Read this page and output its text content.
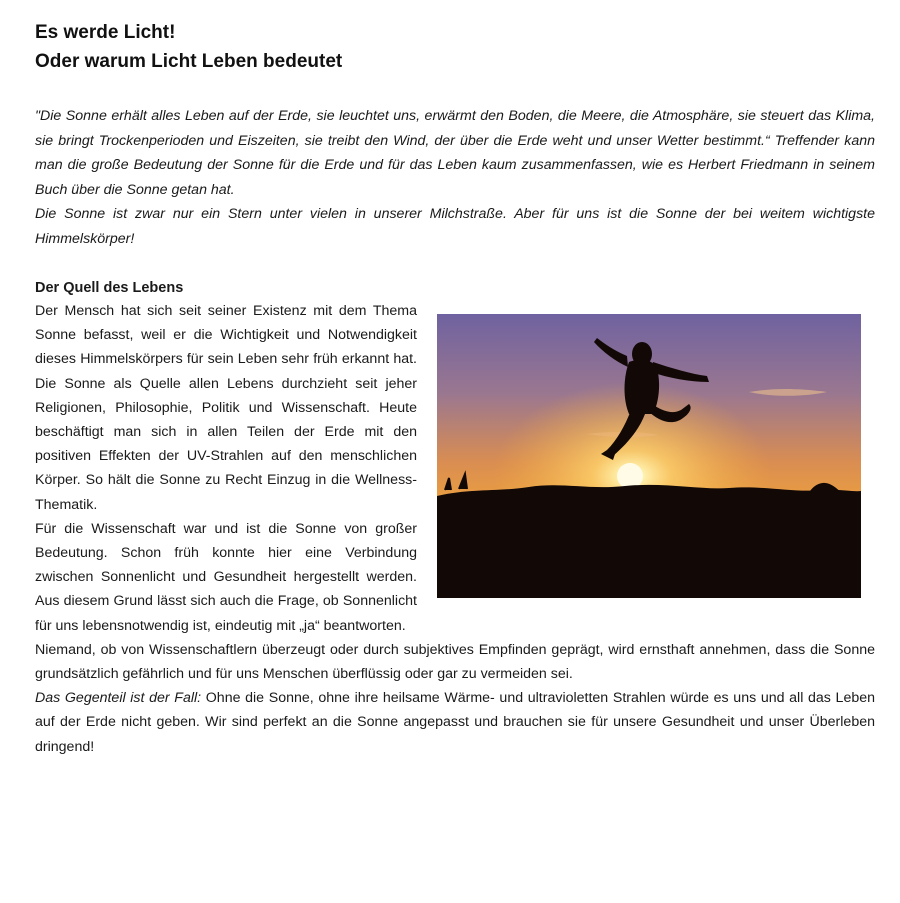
Es werde Licht!
Oder warum Licht Leben bedeutet

"Die Sonne erhält alles Leben auf der Erde, sie leuchtet uns, erwärmt den Boden, die Meere, die Atmosphäre, sie steuert das Klima, sie bringt Trockenperioden und Eiszeiten, sie treibt den Wind, der über die Erde weht und unser Wetter bestimmt.“ Treffender kann man die große Bedeutung der Sonne für die Erde und für das Leben kaum zusammenfassen, wie es Herbert Friedmann in seinem Buch über die Sonne getan hat.

Die Sonne ist zwar nur ein Stern unter vielen in unserer Milchstraße. Aber für uns ist die Sonne der bei weitem wichtigste Himmelskörper!

Der Quell des Lebens

Der Mensch hat sich seit seiner Existenz mit dem Thema Sonne befasst, weil er die Wichtigkeit und Notwendigkeit dieses Himmelskörpers für sein Leben sehr früh erkannt hat. Die Sonne als Quelle allen Lebens durchzieht seit jeher Religionen, Philosophie, Politik und Wissenschaft. Heute beschäftigt man sich in allen Teilen der Erde mit den positiven Effekten der UV-Strahlen auf den menschlichen Körper. So hält die Sonne zu Recht Einzug in die Wellness-Thematik.

Für die Wissenschaft war und ist die Sonne von großer Bedeutung. Schon früh konnte hier eine Verbindung zwischen Sonnenlicht und Gesundheit hergestellt werden. Aus diesem Grund lässt sich auch die Frage, ob Sonnenlicht für uns lebensnotwendig ist, eindeutig mit „ja“ beantworten.

Niemand, ob von Wissenschaftlern überzeugt oder durch subjektives Empfinden geprägt, wird ernsthaft annehmen, dass die Sonne grundsätzlich gefährlich und für uns Menschen überflüssig oder gar zu vermeiden sei.

Das Gegenteil ist der Fall: Ohne die Sonne, ohne ihre heilsame Wärme- und ultravioletten Strahlen würde es uns und all das Leben auf der Erde nicht geben. Wir sind perfekt an die Sonne angepasst und brauchen sie für unsere Gesundheit und unser Überleben dringend!
